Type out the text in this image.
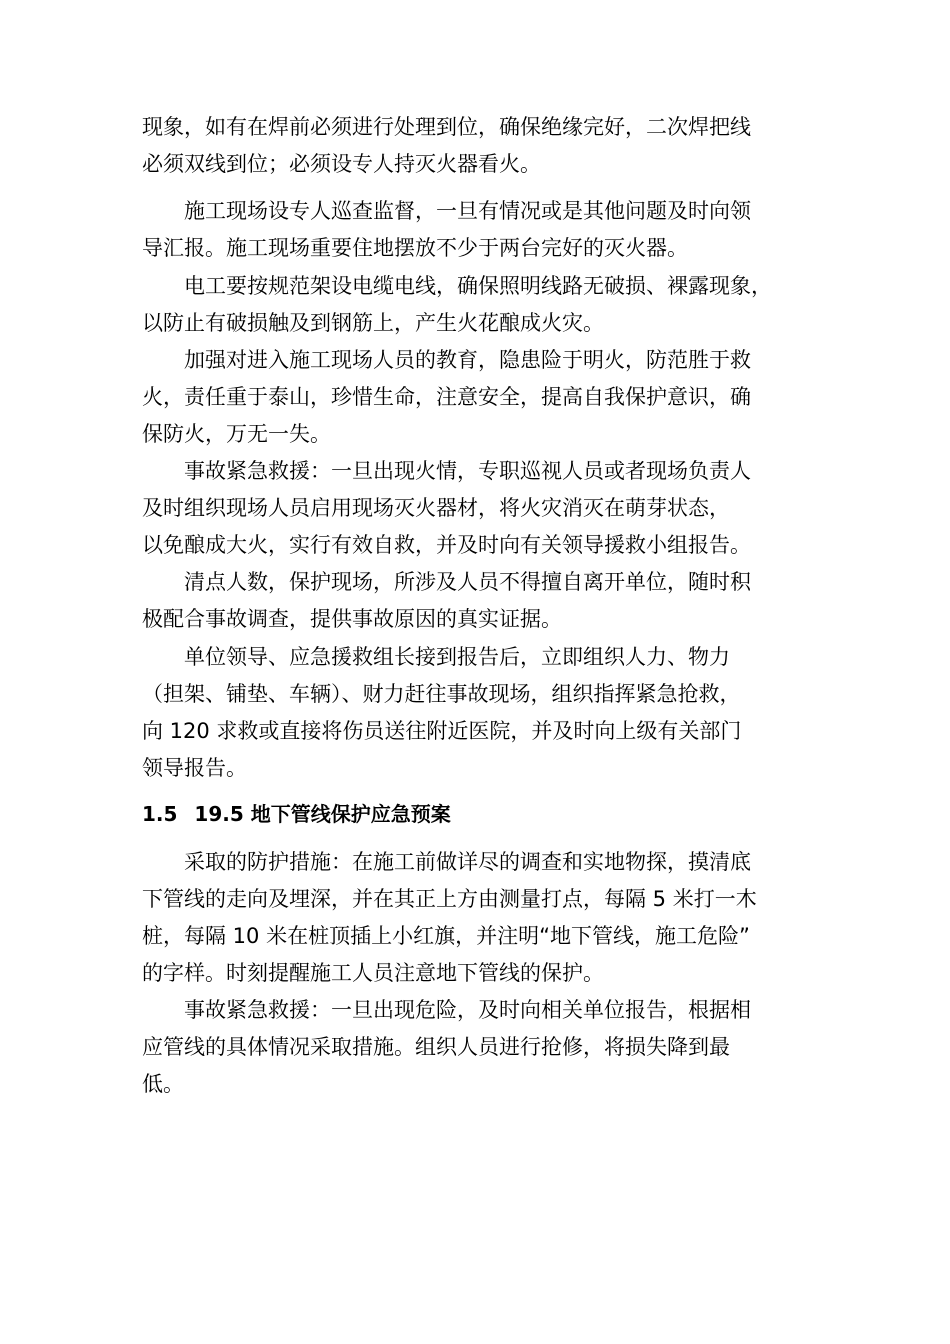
现象，如有在焊前必须进行处理到位，确保绝缘完好，二次焊把线
必须双线到位；必须设专人持灭火器看火。
　　施工现场设专人巡查监督，一旦有情况或是其他问题及时向领
导汇报。施工现场重要住地摆放不少于两台完好的灭火器。
　　电工要按规范架设电缆电线，确保照明线路无破损、裸露现象，
以防止有破损触及到钢筋上，产生火花酿成火灾。
　　加强对进入施工现场人员的教育，隐患险于明火，防范胜于救
火，责任重于泰山，珍惜生命，注意安全，提高自我保护意识，确
保防火，万无一失。
　　事故紧急救援：一旦出现火情，专职巡视人员或者现场负责人
及时组织现场人员启用现场灭火器材，将火灾消灭在萌芽状态，
以免酿成大火，实行有效自救，并及时向有关领导援救小组报告。
　　清点人数，保护现场，所涉及人员不得擅自离开单位，随时积
极配合事故调查，提供事故原因的真实证据。
　　单位领导、应急援救组长接到报告后，立即组织人力、物力
（担架、铺垫、车辆）、财力赶往事故现场，组织指挥紧急抢救，
向 120 求救或直接将伤员送往附近医院，并及时向上级有关部门
领导报告。
1.5 19.5 地下管线保护应急预案
　　采取的防护措施：在施工前做详尽的调查和实地物探，摸清底
下管线的走向及埋深，并在其正上方由测量打点，每隔 5 米打一木
桩，每隔 10 米在桩顶插上小红旗，并注明“地下管线，施工危险”
的字样。时刻提醒施工人员注意地下管线的保护。
　　事故紧急救援：一旦出现危险，及时向相关单位报告，根据相
应管线的具体情况采取措施。组织人员进行抢修，将损失降到最
低。
